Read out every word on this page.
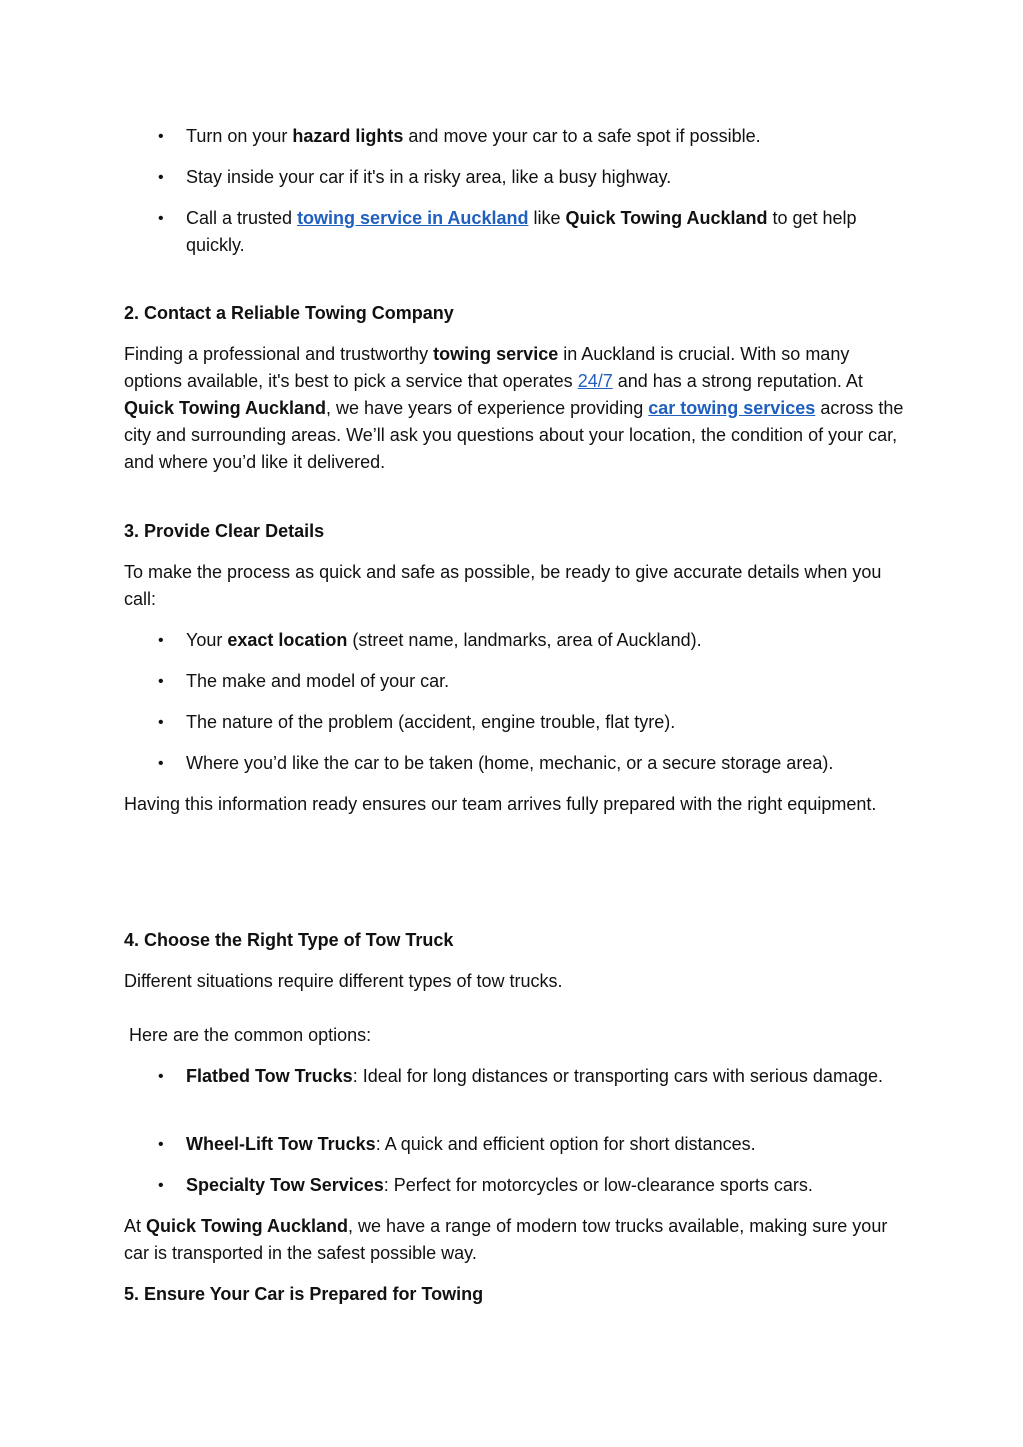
• Turn on your hazard lights and move your car to a safe spot if possible.

• Stay inside your car if it's in a risky area, like a busy highway.

• Call a trusted towing service in Auckland like Quick Towing Auckland to get help quickly.

2. Contact a Reliable Towing Company

Finding a professional and trustworthy towing service in Auckland is crucial. With so many options available, it's best to pick a service that operates 24/7 and has a strong reputation. At Quick Towing Auckland, we have years of experience providing car towing services across the city and surrounding areas. We’ll ask you questions about your location, the condition of your car, and where you’d like it delivered.

3. Provide Clear Details

To make the process as quick and safe as possible, be ready to give accurate details when you call:

• Your exact location (street name, landmarks, area of Auckland).

• The make and model of your car.

• The nature of the problem (accident, engine trouble, flat tyre).

• Where you’d like the car to be taken (home, mechanic, or a secure storage area).

Having this information ready ensures our team arrives fully prepared with the right equipment.

4. Choose the Right Type of Tow Truck

Different situations require different types of tow trucks.

Here are the common options:

• Flatbed Tow Trucks: Ideal for long distances or transporting cars with serious damage.

• Wheel-Lift Tow Trucks: A quick and efficient option for short distances.

• Specialty Tow Services: Perfect for motorcycles or low-clearance sports cars.

At Quick Towing Auckland, we have a range of modern tow trucks available, making sure your car is transported in the safest possible way.

5. Ensure Your Car is Prepared for Towing
